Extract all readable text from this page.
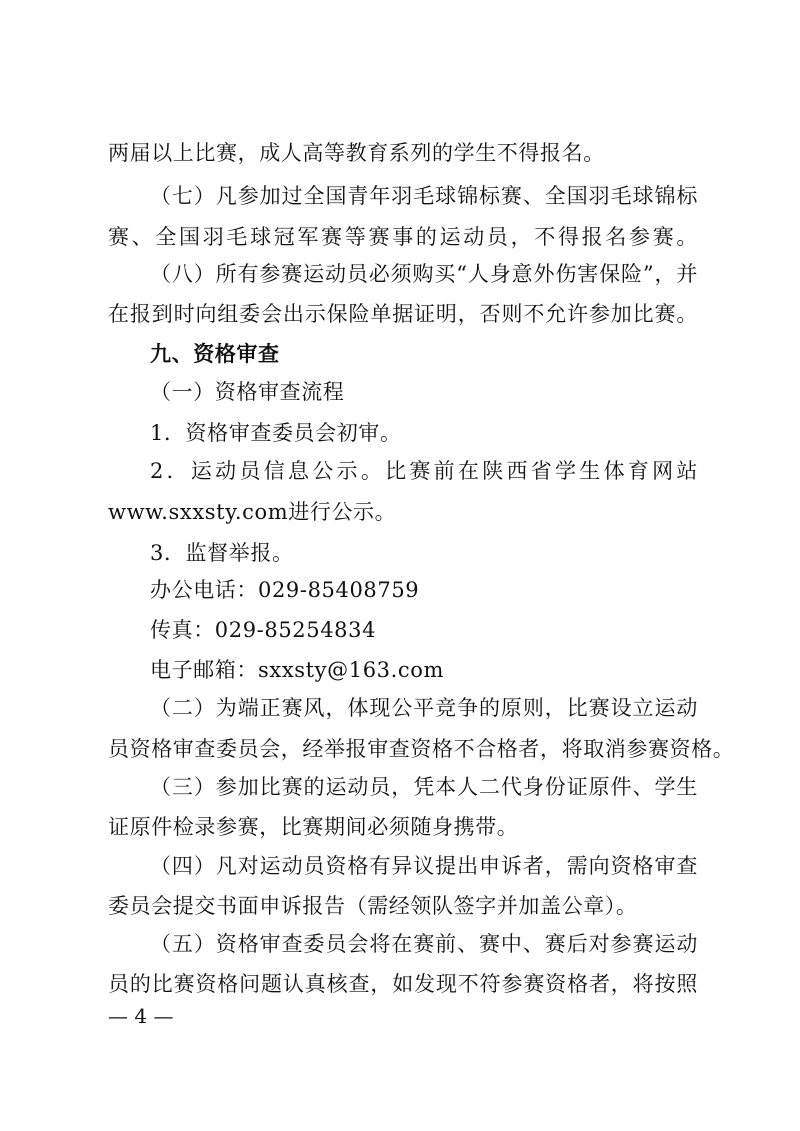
两届以上比赛，成人高等教育系列的学生不得报名。
（七）凡参加过全国青年羽毛球锦标赛、全国羽毛球锦标
赛、全国羽毛球冠军赛等赛事的运动员，不得报名参赛。
（八）所有参赛运动员必须购买“人身意外伤害保险”，并
在报到时向组委会出示保险单据证明，否则不允许参加比赛。
九、资格审查
（一）资格审查流程
1．资格审查委员会初审。
2．运动员信息公示。比赛前在陕西省学生体育网站
www.sxxsty.com进行公示。
3．监督举报。
办公电话：029-85408759
传真：029-85254834
电子邮箱：sxxsty@163.com
（二）为端正赛风，体现公平竞争的原则，比赛设立运动
员资格审查委员会，经举报审查资格不合格者，将取消参赛资格。
（三）参加比赛的运动员，凭本人二代身份证原件、学生
证原件检录参赛，比赛期间必须随身携带。
（四）凡对运动员资格有异议提出申诉者，需向资格审查
委员会提交书面申诉报告（需经领队签字并加盖公章）。
（五）资格审查委员会将在赛前、赛中、赛后对参赛运动
员的比赛资格问题认真核查，如发现不符参赛资格者，将按照
— 4 —
